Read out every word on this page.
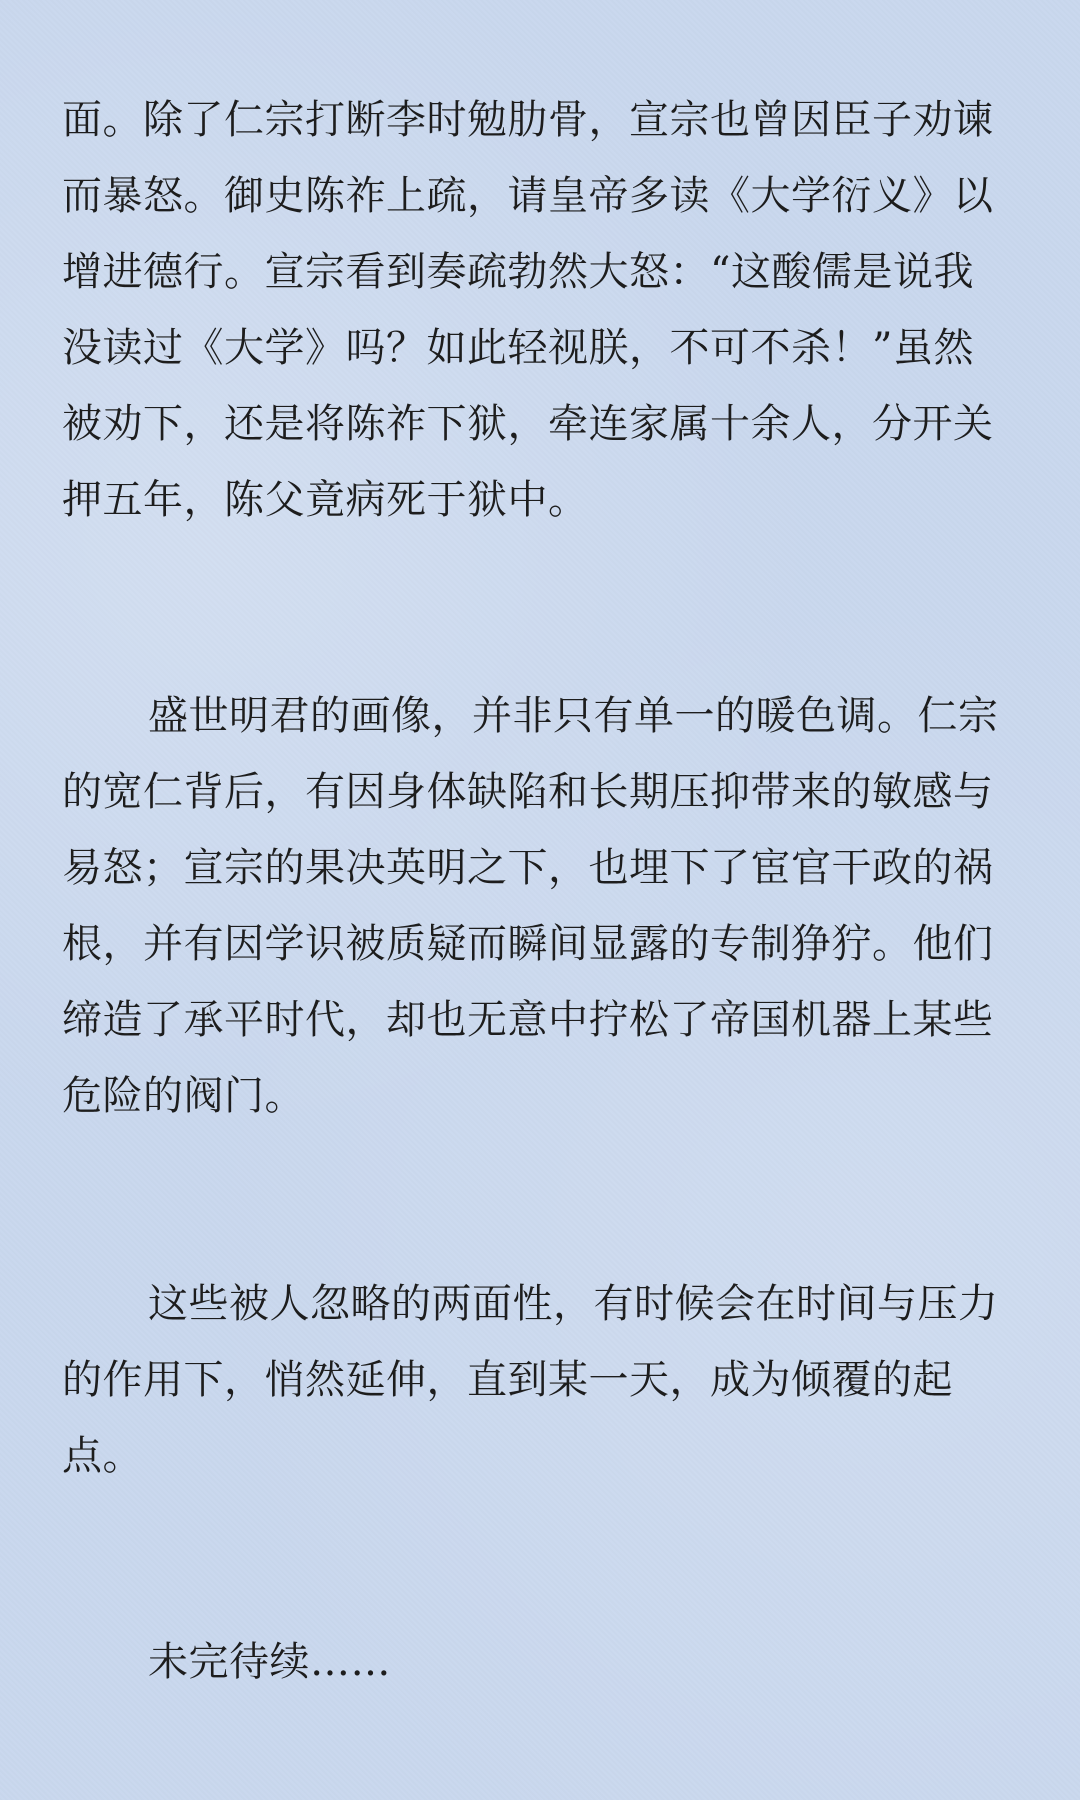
面。除了仁宗打断李时勉肋骨，宣宗也曾因臣子劝谏而暴怒。御史陈祚上疏，请皇帝多读《大学衍义》以增进德行。宣宗看到奏疏勃然大怒：“这酸儒是说我没读过《大学》吗？如此轻视朕，不可不杀！”虽然被劝下，还是将陈祚下狱，牵连家属十余人，分开关押五年，陈父竟病死于狱中。

盛世明君的画像，并非只有单一的暖色调。仁宗的宽仁背后，有因身体缺陷和长期压抑带来的敏感与易怒；宣宗的果决英明之下，也埋下了宦官干政的祸根，并有因学识被质疑而瞬间显露的专制狰狞。他们缔造了承平时代，却也无意中拧松了帝国机器上某些危险的阀门。

这些被人忽略的两面性，有时候会在时间与压力的作用下，悄然延伸，直到某一天，成为倾覆的起点。

未完待续……
